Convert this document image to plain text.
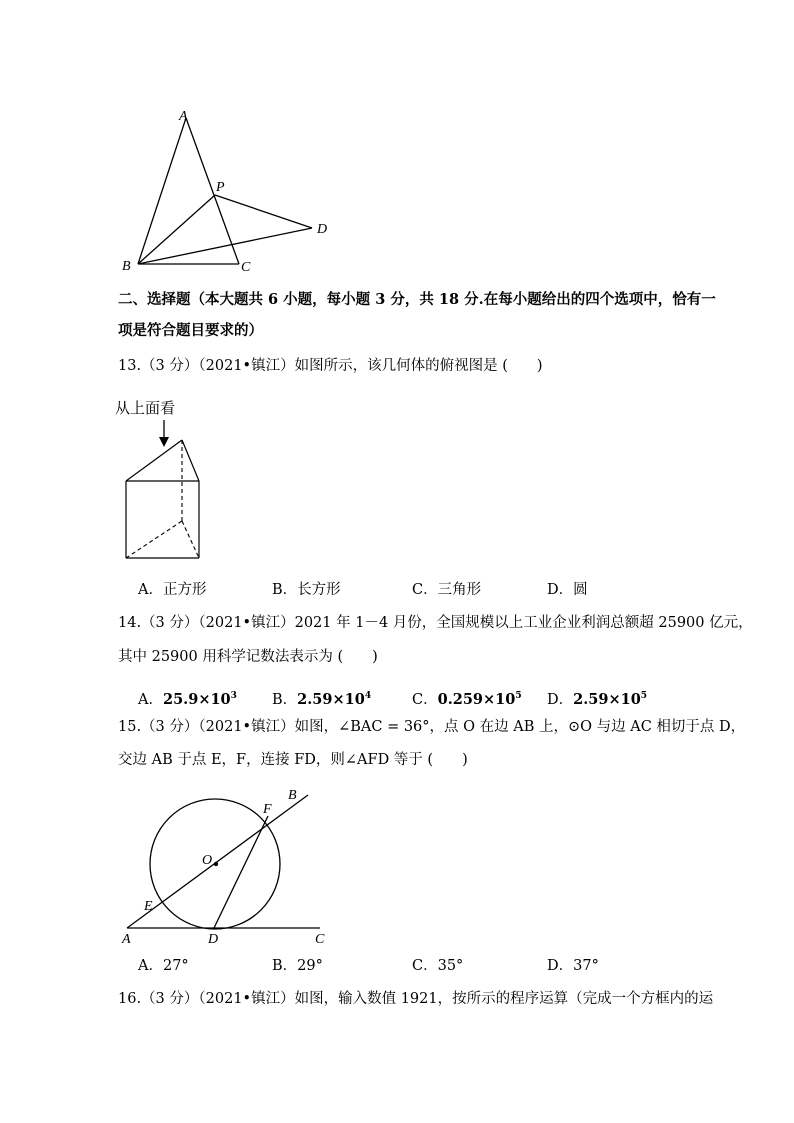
A
P
D
B	C
二、选择题（本大题共 6 小题，每小题 3 分，共 18 分.在每小题给出的四个选项中，恰有一
项是符合题目要求的）
13.（3 分）（2021•镇江）如图所示，该几何体的俯视图是 (　　)
从上面看
A．正方形	B．长方形	C．三角形	D．圆
14.（3 分）（2021•镇江）2021 年 1－4 月份，全国规模以上工业企业利润总额超 25900 亿元，
其中 25900 用科学记数法表示为 (　　)
A．$25.9\times 10^3$ B．$2.59\times 10^4$	C．$0.259\times 10^5$ D．$2.59\times 10^5$
15.（3 分）（2021•镇江）如图，∠BAC = 36°，点 O 在边 AB 上，⊙O 与边 AC 相切于点 D，
交边 AB 于点 E，F，连接 FD，则∠AFD 等于 (　　)
B
F
O
E
A	D	C
A．27°	B．29°	C．35°	D．37°
16.（3 分）（2021•镇江）如图，输入数值 1921，按所示的程序运算（完成一个方框内的运
